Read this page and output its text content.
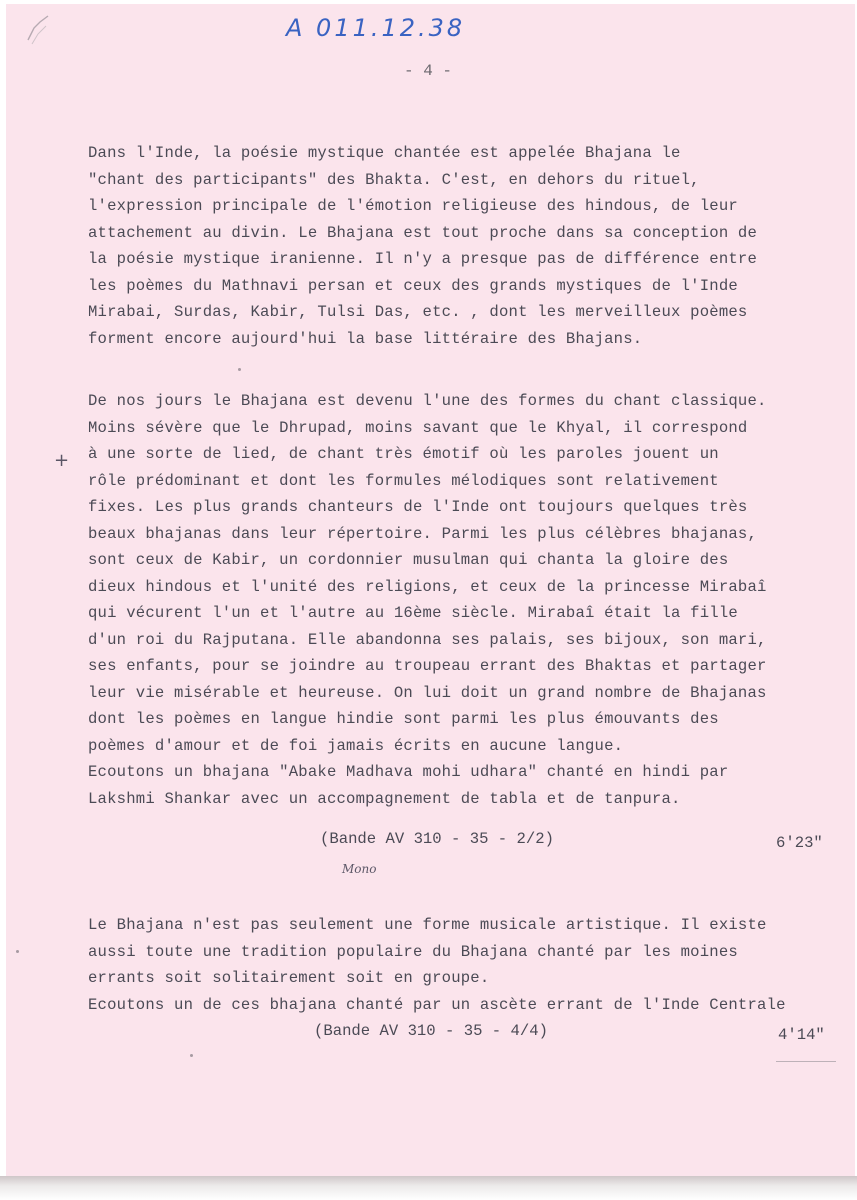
A 011.12.38
- 4 -
+
Dans l'Inde, la poésie mystique chantée est appelée Bhajana le
"chant des participants" des Bhakta. C'est, en dehors du rituel,
l'expression principale de l'émotion religieuse des hindous, de leur
attachement au divin. Le Bhajana est tout proche dans sa conception de
la poésie mystique iranienne. Il n'y a presque pas de différence entre
les poèmes du Mathnavi persan et ceux des grands mystiques de l'Inde
Mirabai, Surdas, Kabir, Tulsi Das, etc. , dont les merveilleux poèmes
forment encore aujourd'hui la base littéraire des Bhajans.
De nos jours le Bhajana est devenu l'une des formes du chant classique.
Moins sévère que le Dhrupad, moins savant que le Khyal, il correspond
à une sorte de lied, de chant très émotif où les paroles jouent un
rôle prédominant et dont les formules mélodiques sont relativement
fixes. Les plus grands chanteurs de l'Inde ont toujours quelques très
beaux bhajanas dans leur répertoire. Parmi les plus célèbres bhajanas,
sont ceux de Kabir, un cordonnier musulman qui chanta la gloire des
dieux hindous et l'unité des religions, et ceux de la princesse Mirabaî
qui vécurent l'un et l'autre au 16ème siècle. Mirabaî était la fille
d'un roi du Rajputana. Elle abandonna ses palais, ses bijoux, son mari,
ses enfants, pour se joindre au troupeau errant des Bhaktas et partager
leur vie misérable et heureuse. On lui doit un grand nombre de Bhajanas
dont les poèmes en langue hindie sont parmi les plus émouvants des
poèmes d'amour et de foi jamais écrits en aucune langue.
Ecoutons un bhajana "Abake Madhava mohi udhara" chanté en hindi par
Lakshmi Shankar avec un accompagnement de tabla et de tanpura.
(Bande AV 310 - 35 - 2/2)	6'23"
Mono
Le Bhajana n'est pas seulement une forme musicale artistique. Il existe
aussi toute une tradition populaire du Bhajana chanté par les moines
errants soit solitairement soit en groupe.
Ecoutons un de ces bhajana chanté par un ascète errant de l'Inde Centrale
(Bande AV 310 - 35 - 4/4)	4'14"
